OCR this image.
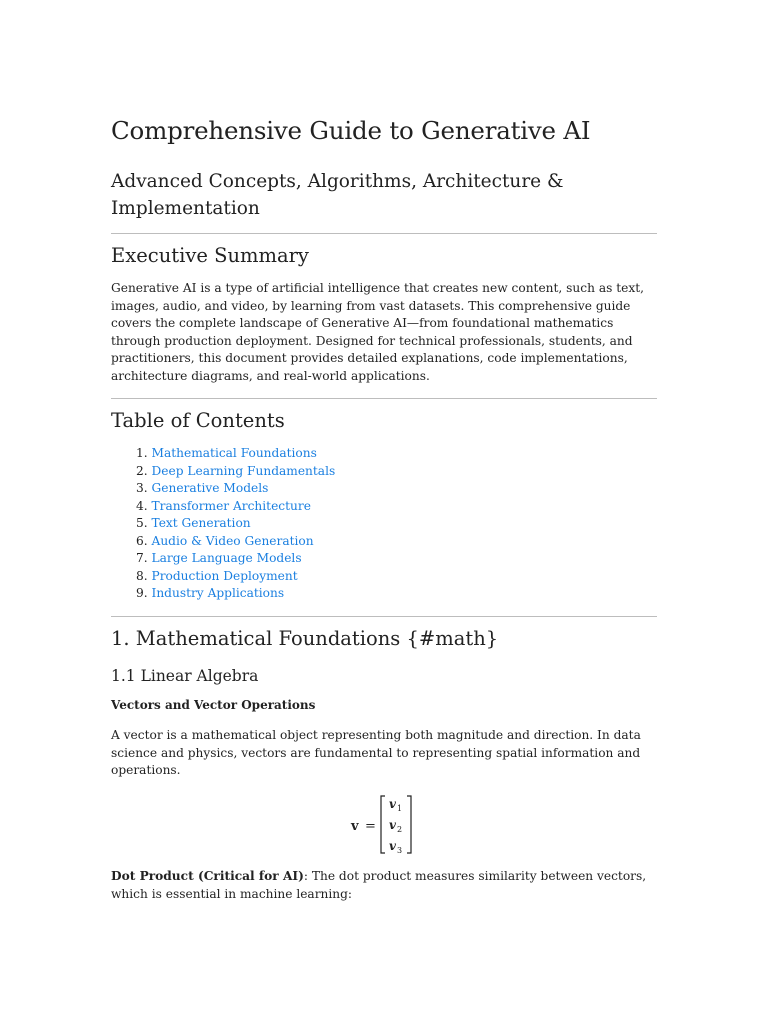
Comprehensive Guide to Generative AI
Advanced Concepts, Algorithms, Architecture & Implementation
Executive Summary

Generative AI is a type of artificial intelligence that creates new content, such as text, images, audio, and video, by learning from vast datasets. This comprehensive guide covers the complete landscape of Generative AI—from foundational mathematics through production deployment. Designed for technical professionals, students, and practitioners, this document provides detailed explanations, code implementations, architecture diagrams, and real-world applications.

Table of Contents
1. Mathematical Foundations
2. Deep Learning Fundamentals
3. Generative Models
4. Transformer Architecture
5. Text Generation
6. Audio & Video Generation
7. Large Language Models
8. Production Deployment
9. Industry Applications
1. Mathematical Foundations {#math}
1.1 Linear Algebra
Vectors and Vector Operations

A vector is a mathematical object representing both magnitude and direction. In data science and physics, vectors are fundamental to representing spatial information and operations.

v =
v 1
v 2
v 3

Dot Product (Critical for AI): The dot product measures similarity between vectors, which is essential in machine learning:
